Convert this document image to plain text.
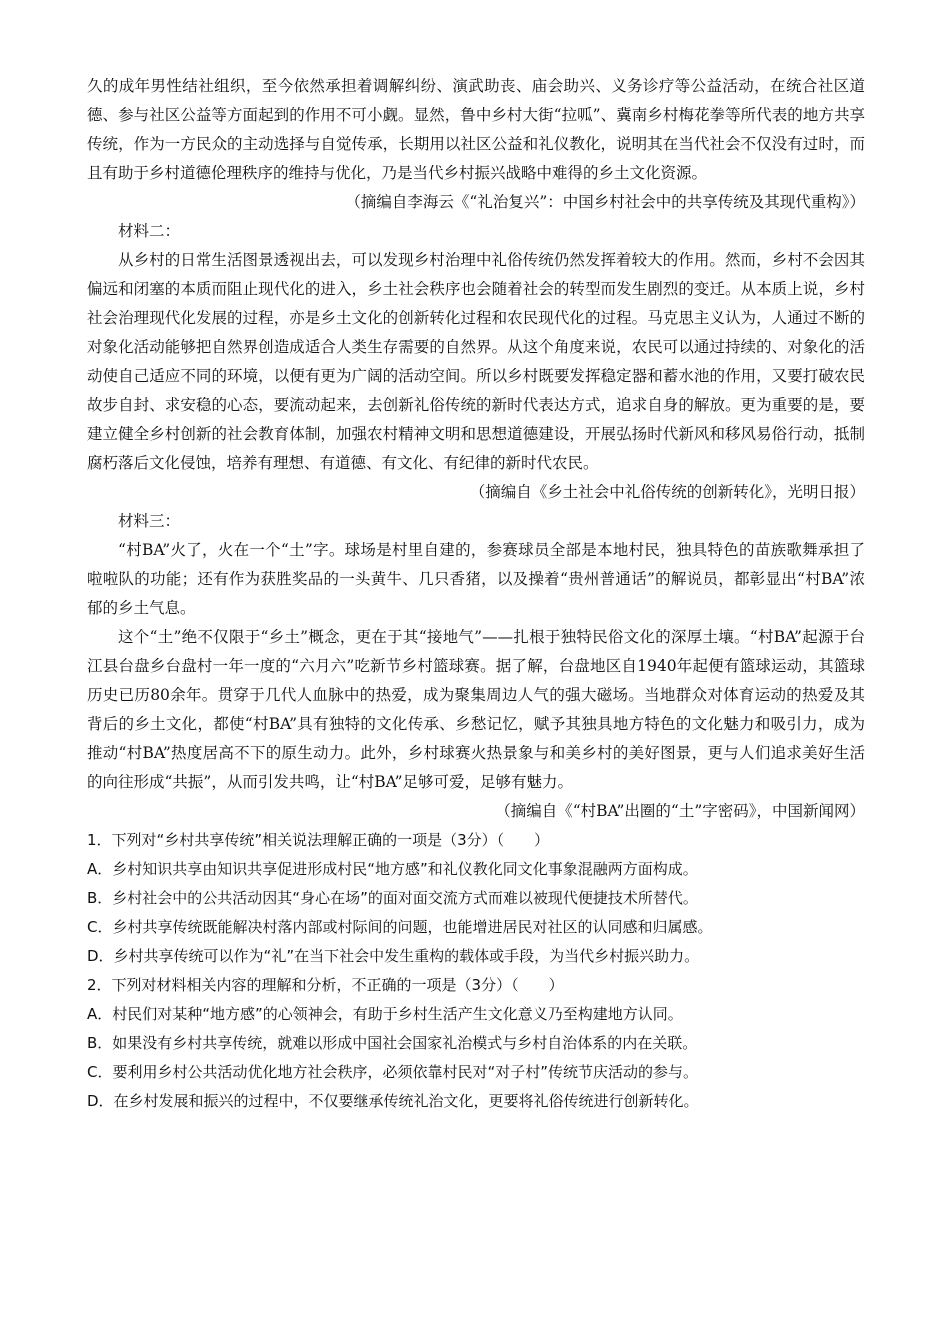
久的成年男性结社组织，至今依然承担着调解纠纷、演武助丧、庙会助兴、义务诊疗等公益活动，在统合社区道德、参与社区公益等方面起到的作用不可小觑。显然，鲁中乡村大街“拉呱”、冀南乡村梅花拳等所代表的地方共享传统，作为一方民众的主动选择与自觉传承，长期用以社区公益和礼仪教化，说明其在当代社会不仅没有过时，而且有助于乡村道德伦理秩序的维持与优化，乃是当代乡村振兴战略中难得的乡土文化资源。

（摘编自李海云《“礼治复兴”：中国乡村社会中的共享传统及其现代重构》）

材料二：

从乡村的日常生活图景透视出去，可以发现乡村治理中礼俗传统仍然发挥着较大的作用。然而，乡村不会因其偏远和闭塞的本质而阻止现代化的进入，乡土社会秩序也会随着社会的转型而发生剧烈的变迁。从本质上说，乡村社会治理现代化发展的过程，亦是乡土文化的创新转化过程和农民现代化的过程。马克思主义认为，人通过不断的对象化活动能够把自然界创造成适合人类生存需要的自然界。从这个角度来说，农民可以通过持续的、对象化的活动使自己适应不同的环境，以便有更为广阔的活动空间。所以乡村既要发挥稳定器和蓄水池的作用，又要打破农民故步自封、求安稳的心态，要流动起来，去创新礼俗传统的新时代表达方式，追求自身的解放。更为重要的是，要建立健全乡村创新的社会教育体制，加强农村精神文明和思想道德建设，开展弘扬时代新风和移风易俗行动，抵制腐朽落后文化侵蚀，培养有理想、有道德、有文化、有纪律的新时代农民。

（摘编自《乡土社会中礼俗传统的创新转化》，光明日报）

材料三：

“村BA”火了，火在一个“土”字。球场是村里自建的，参赛球员全部是本地村民，独具特色的苗族歌舞承担了啦啦队的功能；还有作为获胜奖品的一头黄牛、几只香猪，以及操着“贵州普通话”的解说员，都彰显出“村BA”浓郁的乡土气息。

这个“土”绝不仅限于“乡土”概念，更在于其“接地气”——扎根于独特民俗文化的深厚土壤。“村BA”起源于台江县台盘乡台盘村一年一度的“六月六”吃新节乡村篮球赛。据了解，台盘地区自1940年起便有篮球运动，其篮球历史已历80余年。贯穿于几代人血脉中的热爱，成为聚集周边人气的强大磁场。当地群众对体育运动的热爱及其背后的乡土文化，都使“村BA”具有独特的文化传承、乡愁记忆，赋予其独具地方特色的文化魅力和吸引力，成为推动“村BA”热度居高不下的原生动力。此外，乡村球赛火热景象与和美乡村的美好图景，更与人们追求美好生活的向往形成“共振”，从而引发共鸣，让“村BA”足够可爱，足够有魅力。

（摘编自《“村BA”出圈的“土”字密码》，中国新闻网）

1．下列对“乡村共享传统”相关说法理解正确的一项是（3分）（　　）

A．乡村知识共享由知识共享促进形成村民“地方感”和礼仪教化同文化事象混融两方面构成。

B．乡村社会中的公共活动因其“身心在场”的面对面交流方式而难以被现代便捷技术所替代。

C．乡村共享传统既能解决村落内部或村际间的问题，也能增进居民对社区的认同感和归属感。

D．乡村共享传统可以作为“礼”在当下社会中发生重构的载体或手段，为当代乡村振兴助力。

2．下列对材料相关内容的理解和分析，不正确的一项是（3分）（　　）

A．村民们对某种“地方感”的心领神会，有助于乡村生活产生文化意义乃至构建地方认同。

B．如果没有乡村共享传统，就难以形成中国社会国家礼治模式与乡村自治体系的内在关联。

C．要利用乡村公共活动优化地方社会秩序，必须依靠村民对“对子村”传统节庆活动的参与。

D．在乡村发展和振兴的过程中，不仅要继承传统礼治文化，更要将礼俗传统进行创新转化。
